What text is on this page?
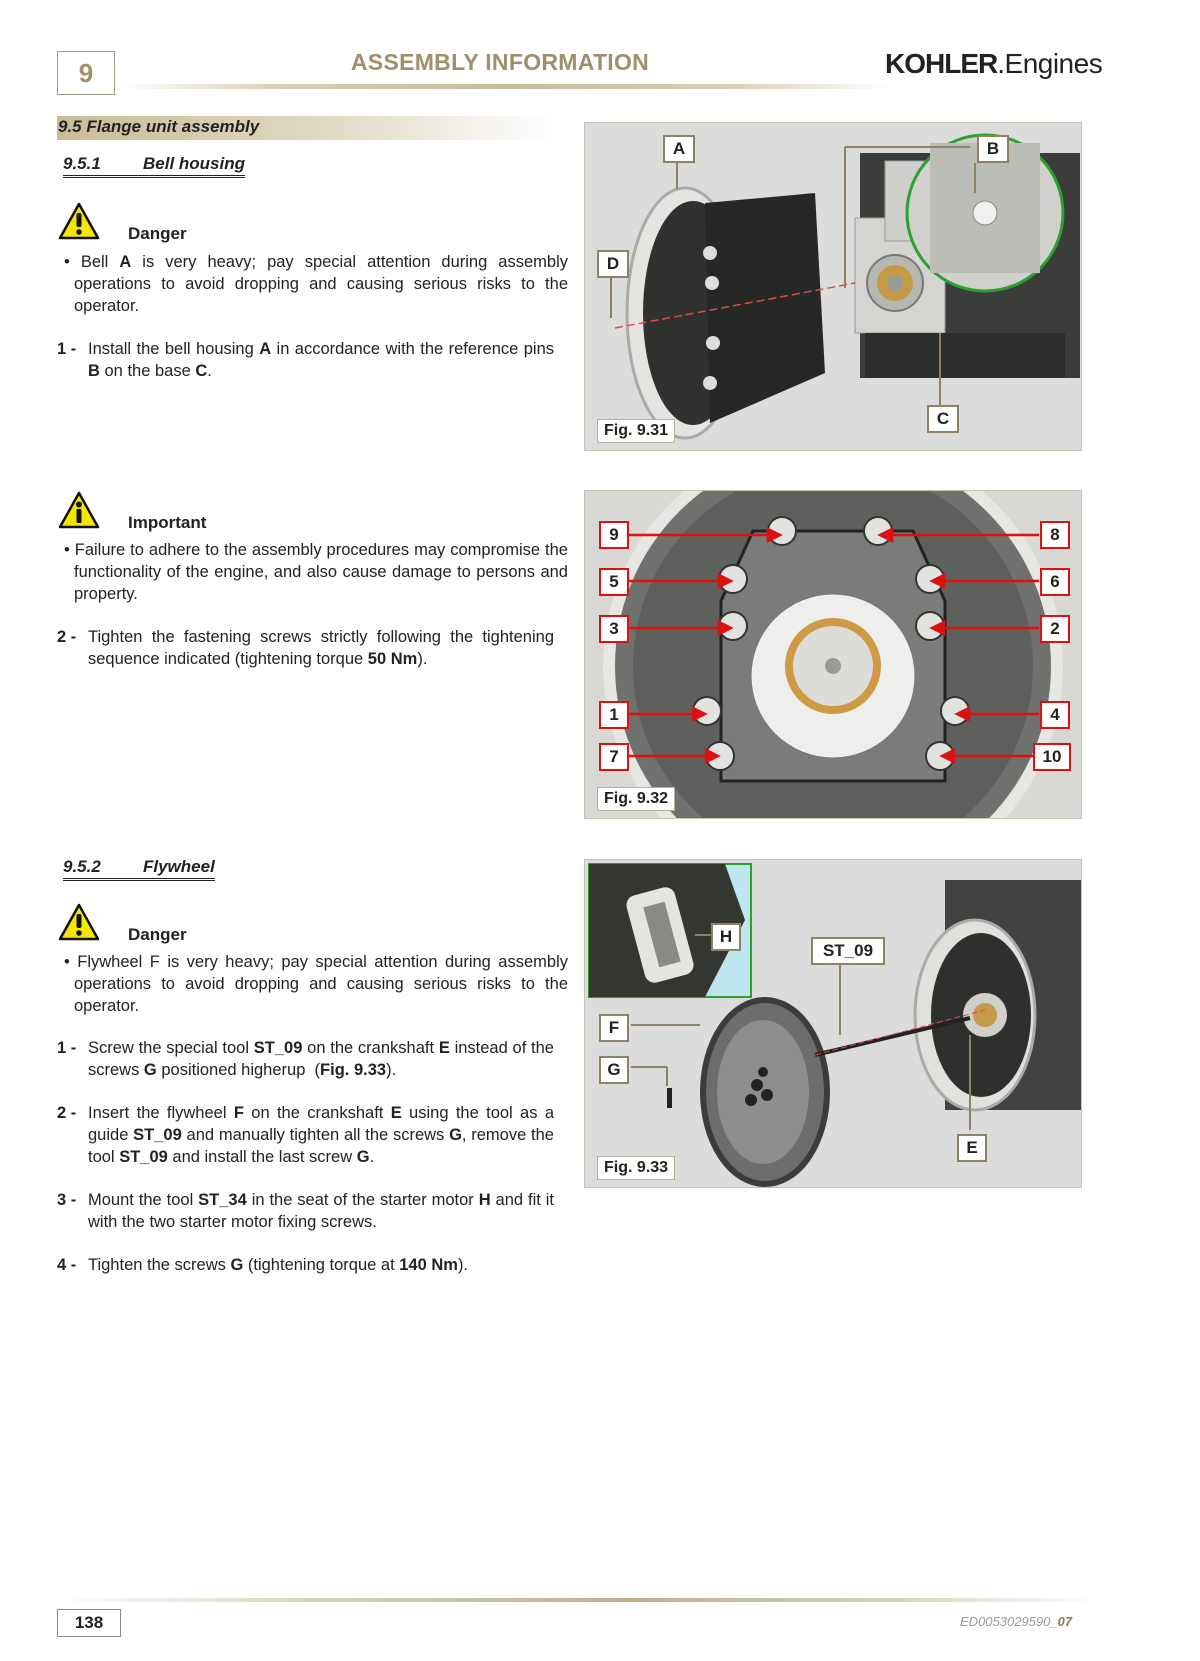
9	ASSEMBLY INFORMATION	KOHLER.Engines
9.5 Flange unit assembly
9.5.1 Bell housing
Danger
• Bell A is very heavy; pay special attention during assembly operations to avoid dropping and causing serious risks to the operator.
1 - Install the bell housing A in accordance with the reference pins B on the base C.
Important
• Failure to adhere to the assembly procedures may compromise the functionality of the engine, and also cause damage to persons and property.
2 - Tighten the fastening screws strictly following the tightening sequence indicated (tightening torque 50 Nm).
9.5.2 Flywheel
Danger
• Flywheel F is very heavy; pay special attention during assembly operations to avoid dropping and causing serious risks to the operator.
1 - Screw the special tool ST_09 on the crankshaft E instead of the screws G positioned higherup  (Fig. 9.33).
2 - Insert the flywheel F on the crankshaft E using the tool as a guide ST_09 and manually tighten all the screws G, remove the tool ST_09 and install the last screw G.
3 - Mount the tool ST_34 in the seat of the starter motor H and fit it with the two starter motor fixing screws.
4 - Tighten the screws G (tightening torque at 140 Nm).
A	B
D
C
Fig. 9.31
9
5
3
1
7
8
6
2
4
10
Fig. 9.32
H
ST_09
F
G
E
Fig. 9.33
138	ED0053029590_07
